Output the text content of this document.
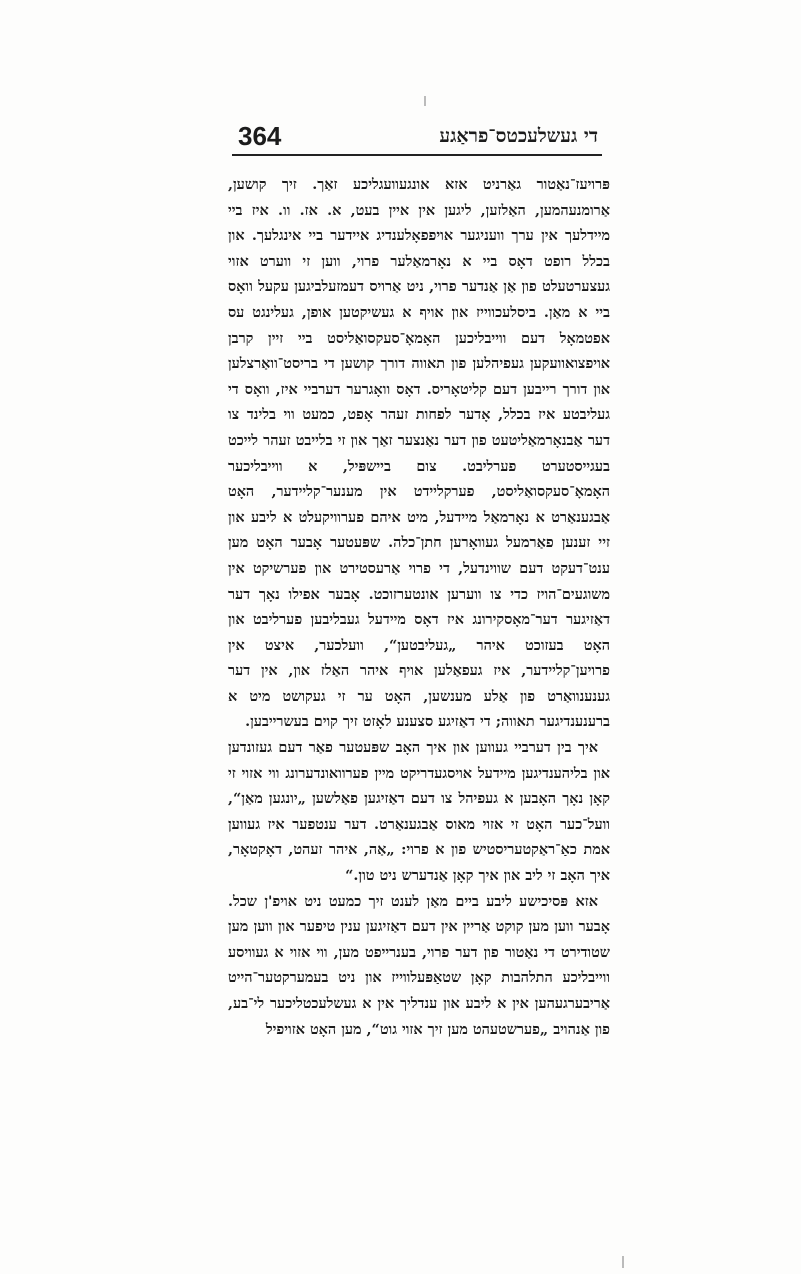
364	די געשלעכטס־פראַגע

פּרויעז־נאַטור גאַרניט אזא אונגעוועגליכע זאַך. זיך קושען, אַרומנעהמען, האַלזען, ליגען אין איין בעט, א. אז. וו. איז ביי מיידלעך אין ערך וועניגער אויפפאָלענדיג איידער ביי אינגלעך. און בכלל רופט דאָס ביי א נאָרמאַלער פרוי, ווען זי ווערט אזוי געצערטעלט פון אַן אַנדער פרוי, ניט אַרויס דעמזעלביגען עקעל וואָס ביי א מאַן. ביסלעכווייז און אויף א געשיקטען אופן, געלינגט עס אפטמאָל דעם ווייבליכען האָמאָ־סעקסואַליסט ביי זיין קרבן אויפצואוועקען געפיהלען פון תאווה דורך קושען די בריסט־וואַרצלען און דורך רייבען דעם קליטאָריס. דאָס וואָגרער דערביי איז, וואָס די געליבטע איז בכלל, אָדער לפחות זעהר אָפט, כמעט ווי בלינד צו דער אַבנאָרמאַליטעט פון דער נאַנצער זאַך און זי בלייבט זעהר לייכט בעגייסטערט פערליבט. צום ביישפּיל, א ווייבליכער האָמאָ־סעקסואַליסט, פערקליידט אין מענער־קליידער, האָט אַבגענאַרט א נאָרמאַל מיידעל, מיט איהם פערוויקעלט א ליבע און זיי זענען פאַרמעל געוואָרען חתן־כלה. שפּעטער אָבער האָט מען ענט־דעקט דעם שווינדעל, די פרוי אַרעסטירט און פערשיקט אין משוגעים־הויז כדי צו ווערען אונטערזוכט. אָבער אפילו נאָך דער דאַזיגער דער־מאָסקירונג איז דאָס מיידעל געבליבען פערליבט און האָט בעזוכט איהר „געליבטען“, וועלכער, איצט אין פרויען־קליידער, איז געפאַלען אויף איהר האַלז און, אין דער גענענוואַרט פון אַלע מענשען, האָט ער זי געקושט מיט א ברענענדיגער תאווה; די דאַזיגע סצענע לאָזט זיך קוים בעשרייבען.

איך בין דערביי געווען און איך האָב שפּעטער פאַר דעם געזונדען און בליהענדיגען מיידעל אויסגעדריקט מיין פערוואונדערונג ווי אזוי זי קאָן נאָך האָבען א געפיהל צו דעם דאַזיגען פאַלשען „יונגען מאַן“, וועל־כער האָט זי אזוי מאוס אַבגענאַרט. דער ענטפער איז געווען אמת כאַ־ראַקטעריסטיש פון א פרוי: „אַה, איהר זעהט, דאָקטאָר, איך האָב זי ליב און איך קאָן אַנדערש ניט טון.“

אזא פּסיכישע ליבע ביים מאַן לענט זיך כמעט ניט אויפ'ן שכל. אָבער ווען מען קוקט אַריין אין דעם דאַזיגען ענין טיפער און ווען מען שטודירט די נאַטור פון דער פרוי, בענרייפט מען, ווי אזוי א געוויסע ווייבליכע התלהבות קאָן שטאַפּעלווייז און ניט בעמערקטער־הייט אַריבערגעהען אין א ליבע און ענדליך אין א געשלעכטליכער לי־בע, פון אַנהויב „פערשטעהט מען זיך אזוי גוט“, מען האָט אזויפיל
